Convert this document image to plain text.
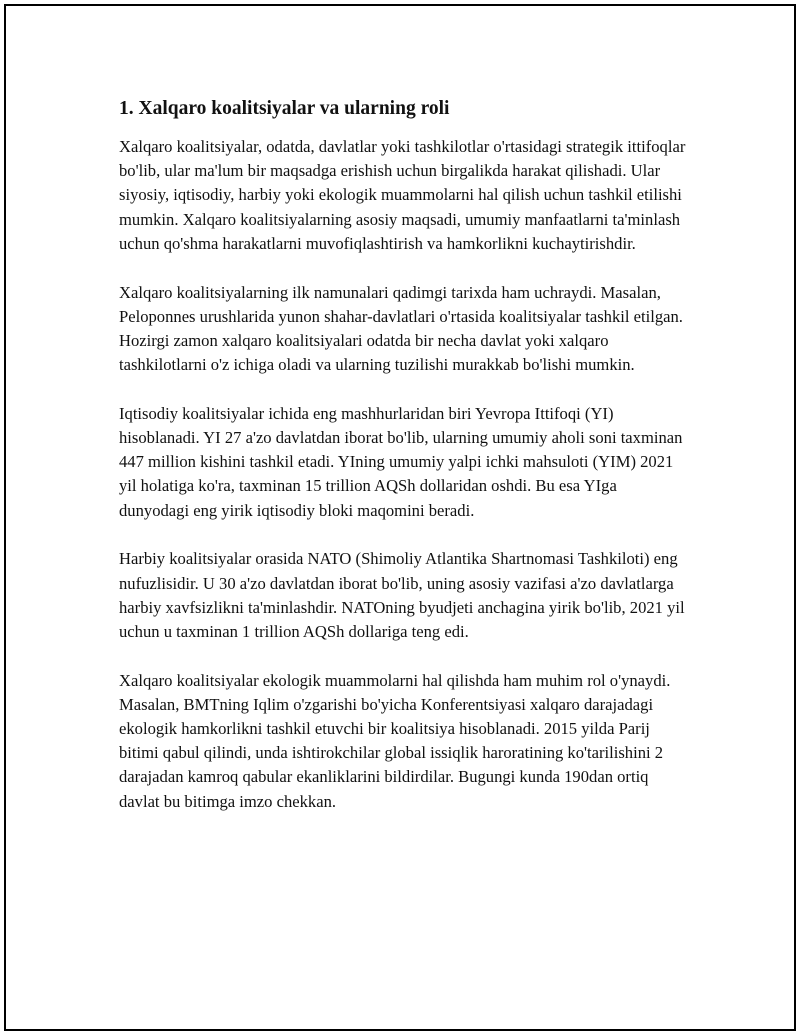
1. Xalqaro koalitsiyalar va ularning roli

Xalqaro koalitsiyalar, odatda, davlatlar yoki tashkilotlar o'rtasidagi strategik ittifoqlar bo'lib, ular ma'lum bir maqsadga erishish uchun birgalikda harakat qilishadi. Ular siyosiy, iqtisodiy, harbiy yoki ekologik muammolarni hal qilish uchun tashkil etilishi mumkin. Xalqaro koalitsiyalarning asosiy maqsadi, umumiy manfaatlarni ta'minlash uchun qo'shma harakatlarni muvofiqlashtirish va hamkorlikni kuchaytirishdir.

Xalqaro koalitsiyalarning ilk namunalari qadimgi tarixda ham uchraydi. Masalan, Peloponnes urushlarida yunon shahar-davlatlari o'rtasida koalitsiyalar tashkil etilgan. Hozirgi zamon xalqaro koalitsiyalari odatda bir necha davlat yoki xalqaro tashkilotlarni o'z ichiga oladi va ularning tuzilishi murakkab bo'lishi mumkin.

Iqtisodiy koalitsiyalar ichida eng mashhurlaridan biri Yevropa Ittifoqi (YI) hisoblanadi. YI 27 a'zo davlatdan iborat bo'lib, ularning umumiy aholi soni taxminan 447 million kishini tashkil etadi. YIning umumiy yalpi ichki mahsuloti (YIM) 2021 yil holatiga ko'ra, taxminan 15 trillion AQSh dollaridan oshdi. Bu esa YIga dunyodagi eng yirik iqtisodiy bloki maqomini beradi.

Harbiy koalitsiyalar orasida NATO (Shimoliy Atlantika Shartnomasi Tashkiloti) eng nufuzlisidir. U 30 a'zo davlatdan iborat bo'lib, uning asosiy vazifasi a'zo davlatlarga harbiy xavfsizlikni ta'minlashdir. NATOning byudjeti anchagina yirik bo'lib, 2021 yil uchun u taxminan 1 trillion AQSh dollariga teng edi.

Xalqaro koalitsiyalar ekologik muammolarni hal qilishda ham muhim rol o'ynaydi. Masalan, BMTning Iqlim o'zgarishi bo'yicha Konferentsiyasi xalqaro darajadagi ekologik hamkorlikni tashkil etuvchi bir koalitsiya hisoblanadi. 2015 yilda Parij bitimi qabul qilindi, unda ishtirokchilar global issiqlik haroratining ko'tarilishini 2 darajadan kamroq qabular ekanliklarini bildirdilar. Bugungi kunda 190dan ortiq davlat bu bitimga imzo chekkan.
